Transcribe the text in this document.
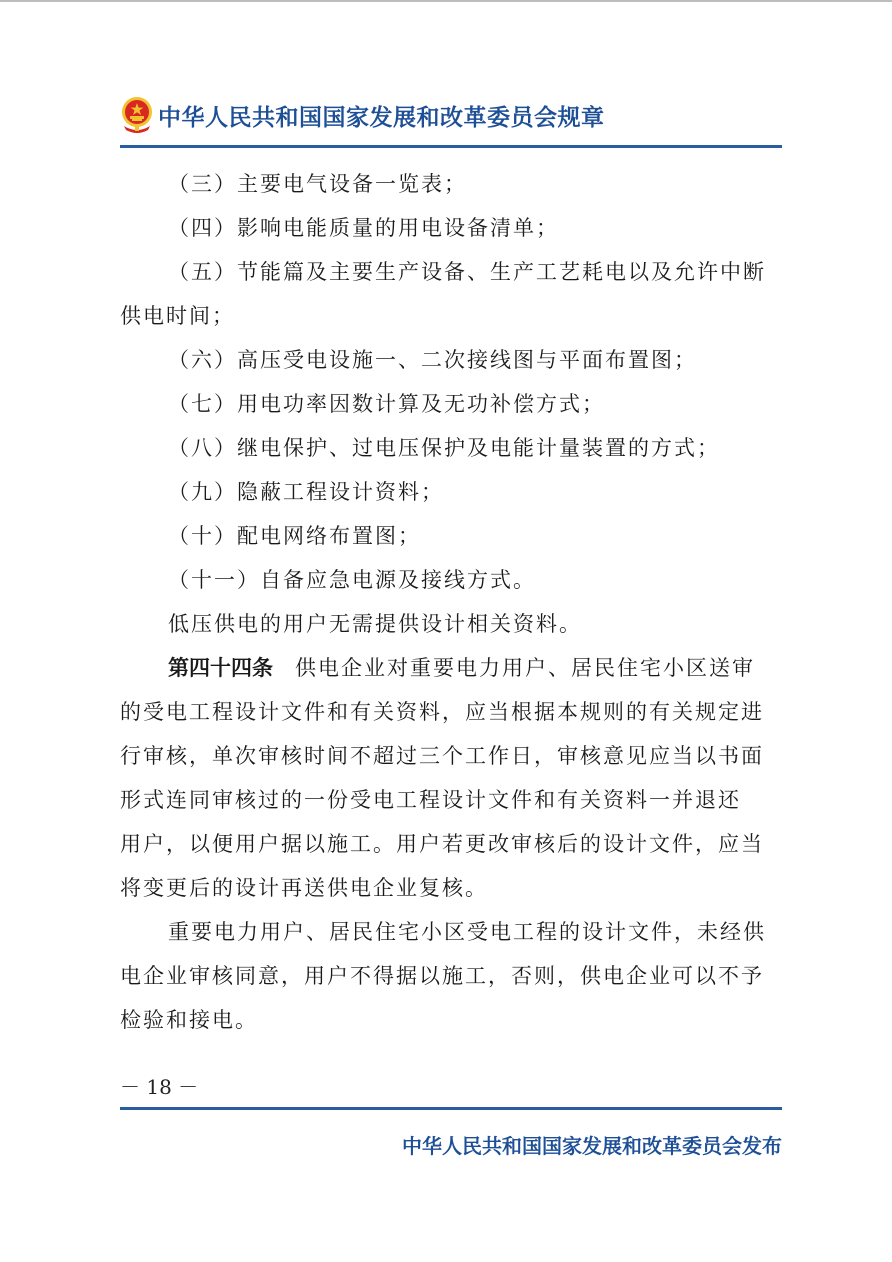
中华人民共和国国家发展和改革委员会规章
（三）主要电气设备一览表；
（四）影响电能质量的用电设备清单；
（五）节能篇及主要生产设备、生产工艺耗电以及允许中断
供电时间；
（六）高压受电设施一、二次接线图与平面布置图；
（七）用电功率因数计算及无功补偿方式；
（八）继电保护、过电压保护及电能计量装置的方式；
（九）隐蔽工程设计资料；
（十）配电网络布置图；
（十一）自备应急电源及接线方式。
低压供电的用户无需提供设计相关资料。
第四十四条 供电企业对重要电力用户、居民住宅小区送审
的受电工程设计文件和有关资料，应当根据本规则的有关规定进
行审核，单次审核时间不超过三个工作日，审核意见应当以书面
形式连同审核过的一份受电工程设计文件和有关资料一并退还
用户，以便用户据以施工。用户若更改审核后的设计文件，应当
将变更后的设计再送供电企业复核。
重要电力用户、居民住宅小区受电工程的设计文件，未经供
电企业审核同意，用户不得据以施工，否则，供电企业可以不予
检验和接电。
－ 18 －
中华人民共和国国家发展和改革委员会发布
